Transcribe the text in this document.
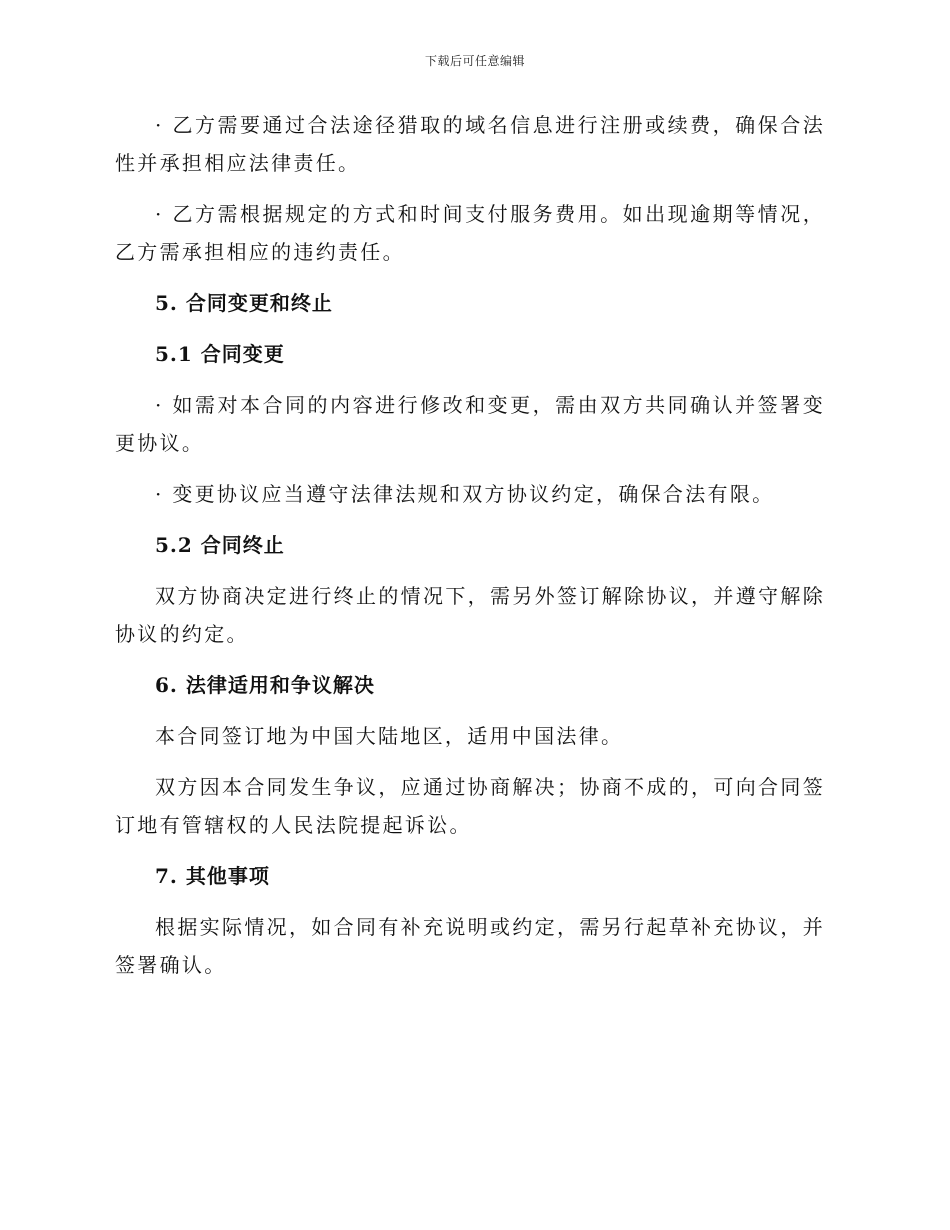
下载后可任意编辑

· 乙方需要通过合法途径猎取的域名信息进行注册或续费，确保合法性并承担相应法律责任。

· 乙方需根据规定的方式和时间支付服务费用。如出现逾期等情况，乙方需承担相应的违约责任。

5. 合同变更和终止

5.1 合同变更

· 如需对本合同的内容进行修改和变更，需由双方共同确认并签署变更协议。

· 变更协议应当遵守法律法规和双方协议约定，确保合法有限。

5.2 合同终止

双方协商决定进行终止的情况下，需另外签订解除协议，并遵守解除协议的约定。

6. 法律适用和争议解决

本合同签订地为中国大陆地区，适用中国法律。

双方因本合同发生争议，应通过协商解决；协商不成的，可向合同签订地有管辖权的人民法院提起诉讼。

7. 其他事项

根据实际情况，如合同有补充说明或约定，需另行起草补充协议，并签署确认。
